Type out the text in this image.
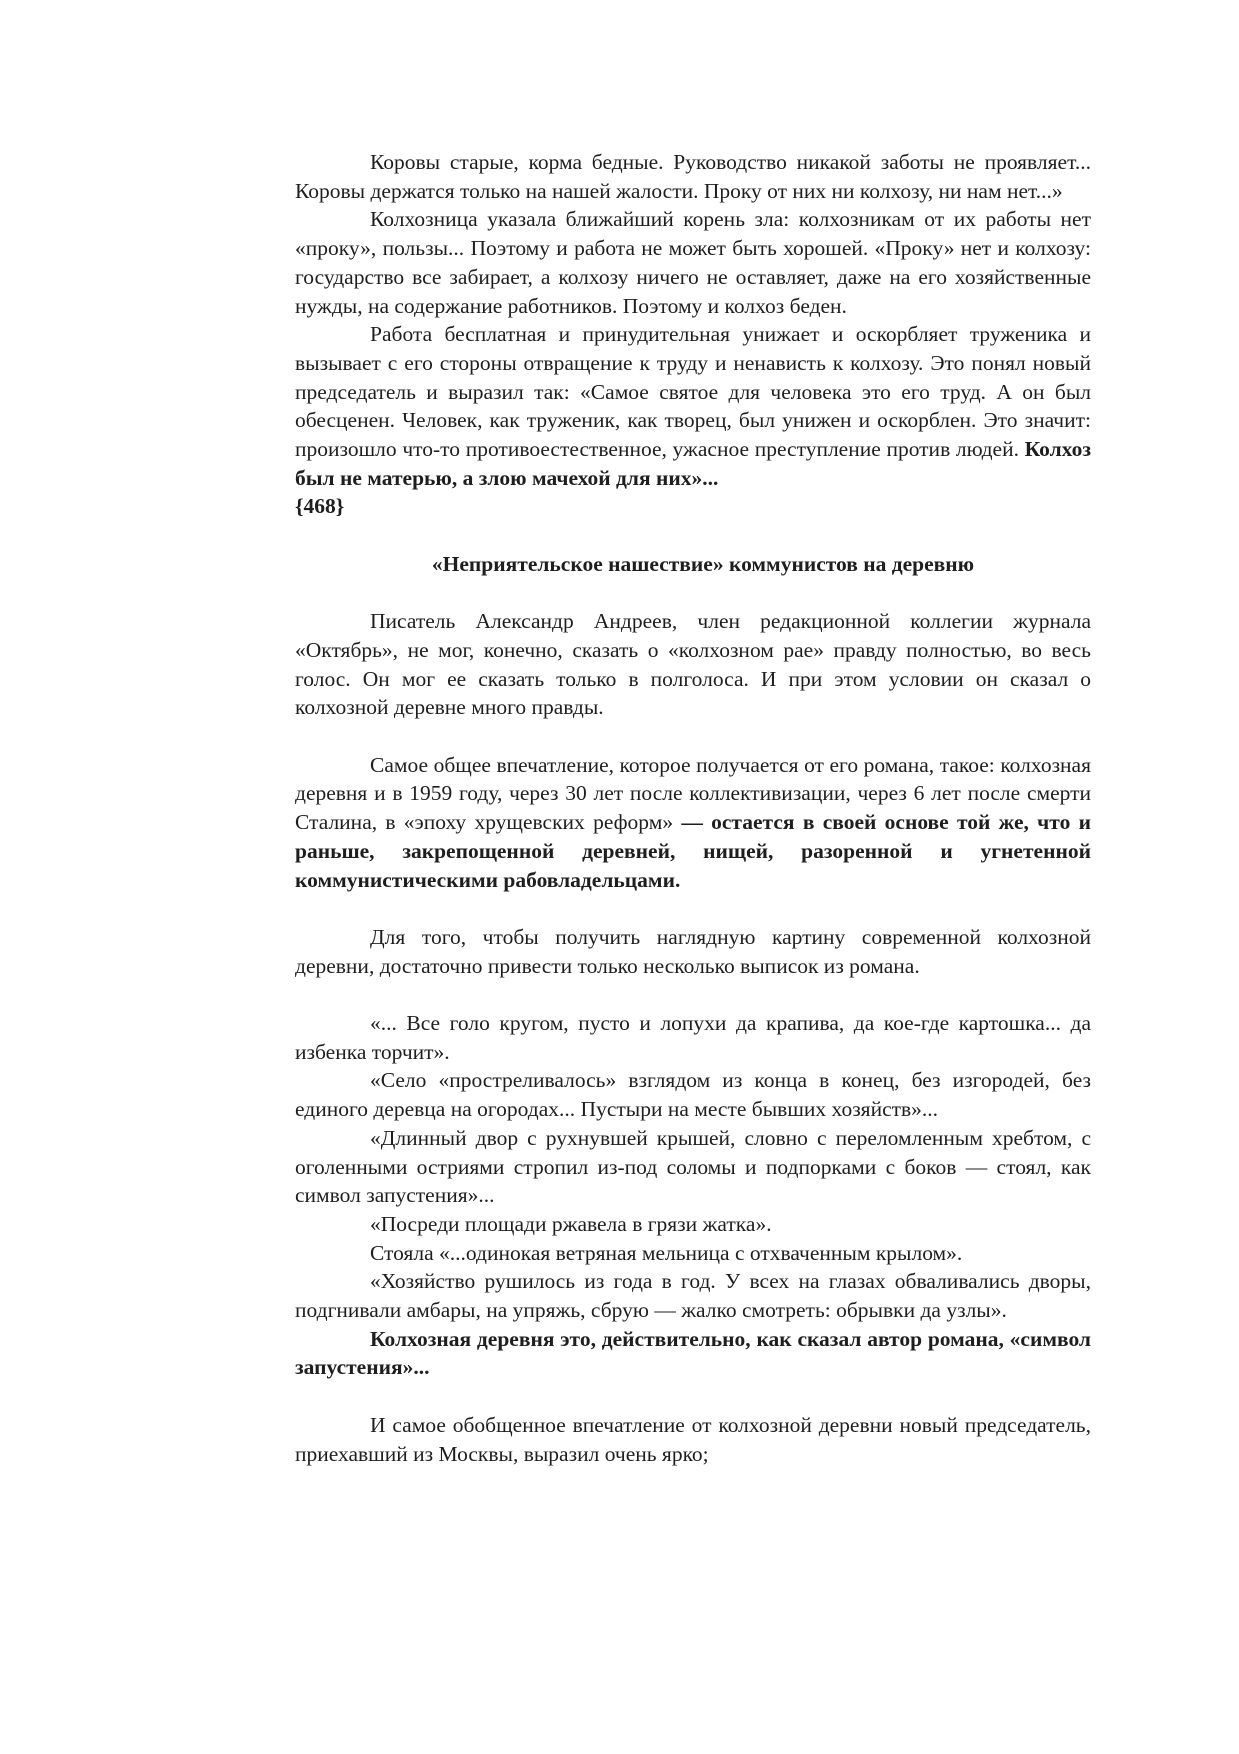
Коровы старые, корма бедные. Руководство никакой заботы не проявляет... Коровы держатся только на нашей жалости. Проку от них ни колхозу, ни нам нет...»

Колхозница указала ближайший корень зла: колхозникам от их работы нет «проку», пользы... Поэтому и работа не может быть хорошей. «Проку» нет и колхозу: государство все забирает, а колхозу ничего не оставляет, даже на его хозяйственные нужды, на содержание работников. Поэтому и колхоз беден.

Работа бесплатная и принудительная унижает и оскорбляет труженика и вызывает с его стороны отвращение к труду и ненависть к колхозу. Это понял новый председатель и выразил так: «Самое святое для человека это его труд. А он был обесценен. Человек, как труженик, как творец, был унижен и оскорблен. Это значит: произошло что-то противоестественное, ужасное преступление против людей. Колхоз был не матерью, а злою мачехой для них»...

{468}

«Неприятельское нашествие» коммунистов на деревню

Писатель Александр Андреев, член редакционной коллегии журнала «Октябрь», не мог, конечно, сказать о «колхозном рае» правду полностью, во весь голос. Он мог ее сказать только в полголоса. И при этом условии он сказал о колхозной деревне много правды.

Самое общее впечатление, которое получается от его романа, такое: колхозная деревня и в 1959 году, через 30 лет после коллективизации, через 6 лет после смерти Сталина, в «эпоху хрущевских реформ» — остается в своей основе той же, что и раньше, закрепощенной деревней, нищей, разоренной и угнетенной коммунистическими рабовладельцами.

Для того, чтобы получить наглядную картину современной колхозной деревни, достаточно привести только несколько выписок из романа.

«... Все голо кругом, пусто и лопухи да крапива, да кое-где картошка... да избенка торчит».

«Село «простреливалось» взглядом из конца в конец, без изгородей, без единого деревца на огородах... Пустыри на месте бывших хозяйств»...

«Длинный двор с рухнувшей крышей, словно с переломленным хребтом, с оголенными остриями стропил из-под соломы и подпорками с боков — стоял, как символ запустения»...

«Посреди площади ржавела в грязи жатка».

Стояла «...одинокая ветряная мельница с отхваченным крылом».

«Хозяйство рушилось из года в год. У всех на глазах обваливались дворы, подгнивали амбары, на упряжь, сбрую — жалко смотреть: обрывки да узлы».

Колхозная деревня это, действительно, как сказал автор романа, «символ запустения»...

И самое обобщенное впечатление от колхозной деревни новый председатель, приехавший из Москвы, выразил очень ярко;
